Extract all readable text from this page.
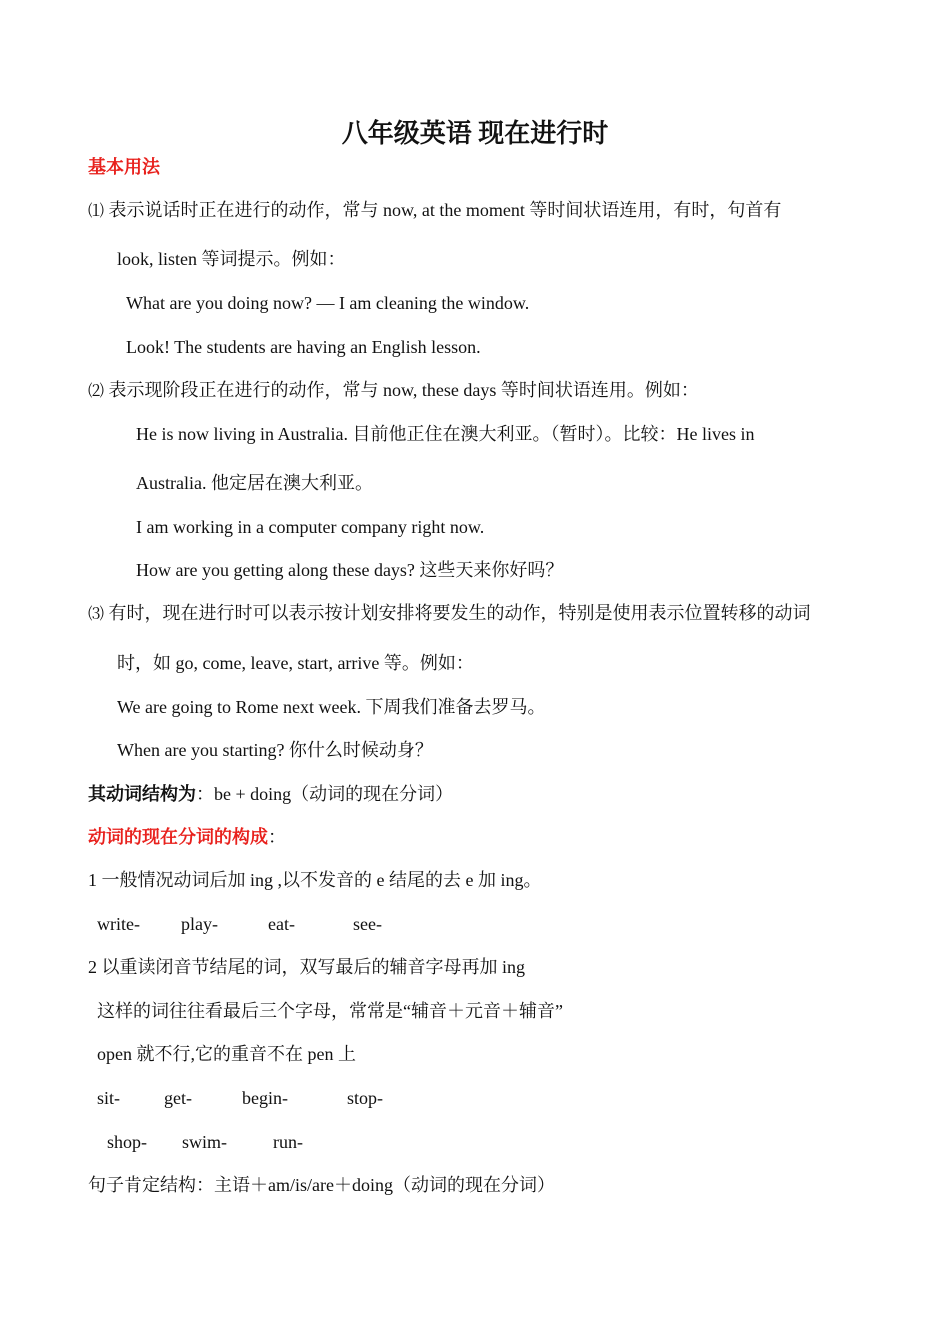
八年级英语 现在进行时
基本用法
⑴ 表示说话时正在进行的动作，常与 now, at the moment 等时间状语连用，有时，句首有
look, listen 等词提示。例如：
What are you doing now? — I am cleaning the window.
Look! The students are having an English lesson.
⑵ 表示现阶段正在进行的动作，常与 now, these days 等时间状语连用。例如：
He is now living in Australia. 目前他正住在澳大利亚。（暂时）。比较：He lives in
Australia. 他定居在澳大利亚。
I am working in a computer company right now.
How are you getting along these days? 这些天来你好吗？
⑶ 有时，现在进行时可以表示按计划安排将要发生的动作，特别是使用表示位置转移的动词
时，如 go, come, leave, start, arrive 等。例如：
We are going to Rome next week. 下周我们准备去罗马。
When are you starting? 你什么时候动身？
其动词结构为：be + doing（动词的现在分词）
动词的现在分词的构成：
1 一般情况动词后加 ing ,以不发音的 e 结尾的去 e 加 ing。
write- play-	eat-	see-
2 以重读闭音节结尾的词，双写最后的辅音字母再加 ing
这样的词往往看最后三个字母，常常是“辅音＋元音＋辅音”
open 就不行,它的重音不在 pen 上
sit- get-	begin-	stop-
shop- swim-	run-
句子肯定结构：主语＋am/is/are＋doing（动词的现在分词）
